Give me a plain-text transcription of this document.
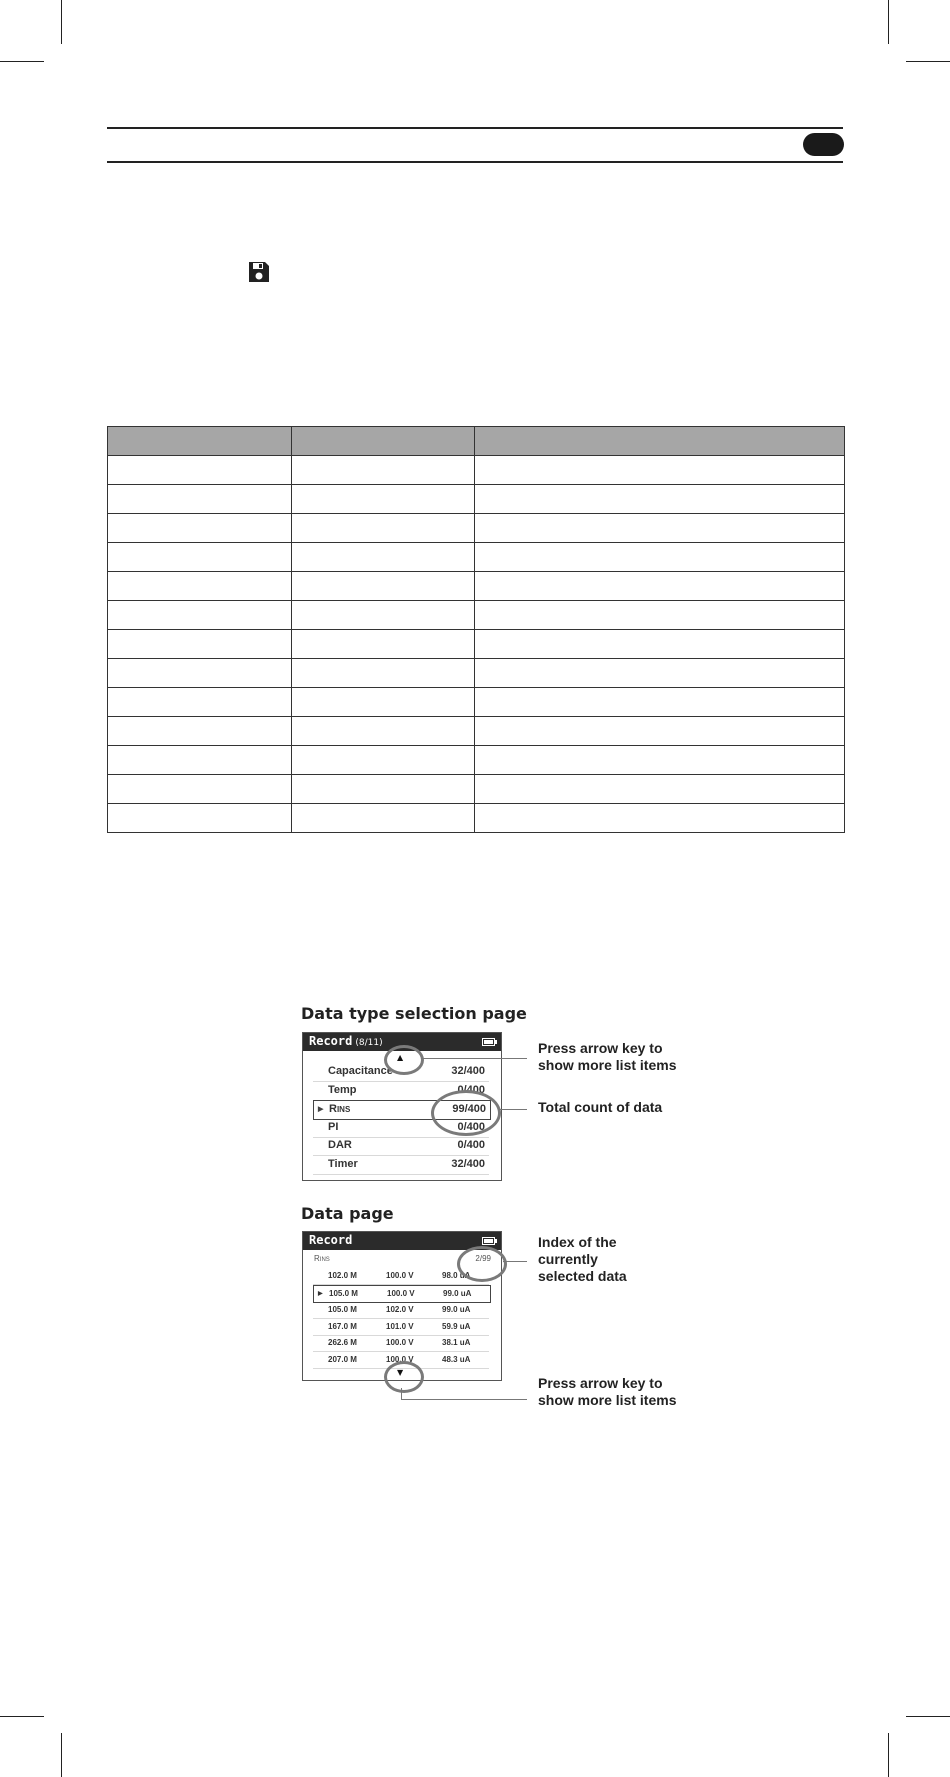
Data type selection page
Record (8/11)
Capacitance	32/400
Temp	0/400
▶ RINS	99/400
PI	0/400
DAR	0/400
Timer	32/400
▲
Press arrow key to show more list items
Total count of data
Data page
Record
RINS	2/99
102.0 M	100.0 V	98.0 uA
▶ 105.0 M	100.0 V	99.0 uA
105.0 M	102.0 V	99.0 uA
167.0 M	101.0 V	59.9 uA
262.6 M	100.0 V	38.1 uA
207.0 M	100.0 V	48.3 uA
Index of the currently selected data
▼
Press arrow key to show more list items
